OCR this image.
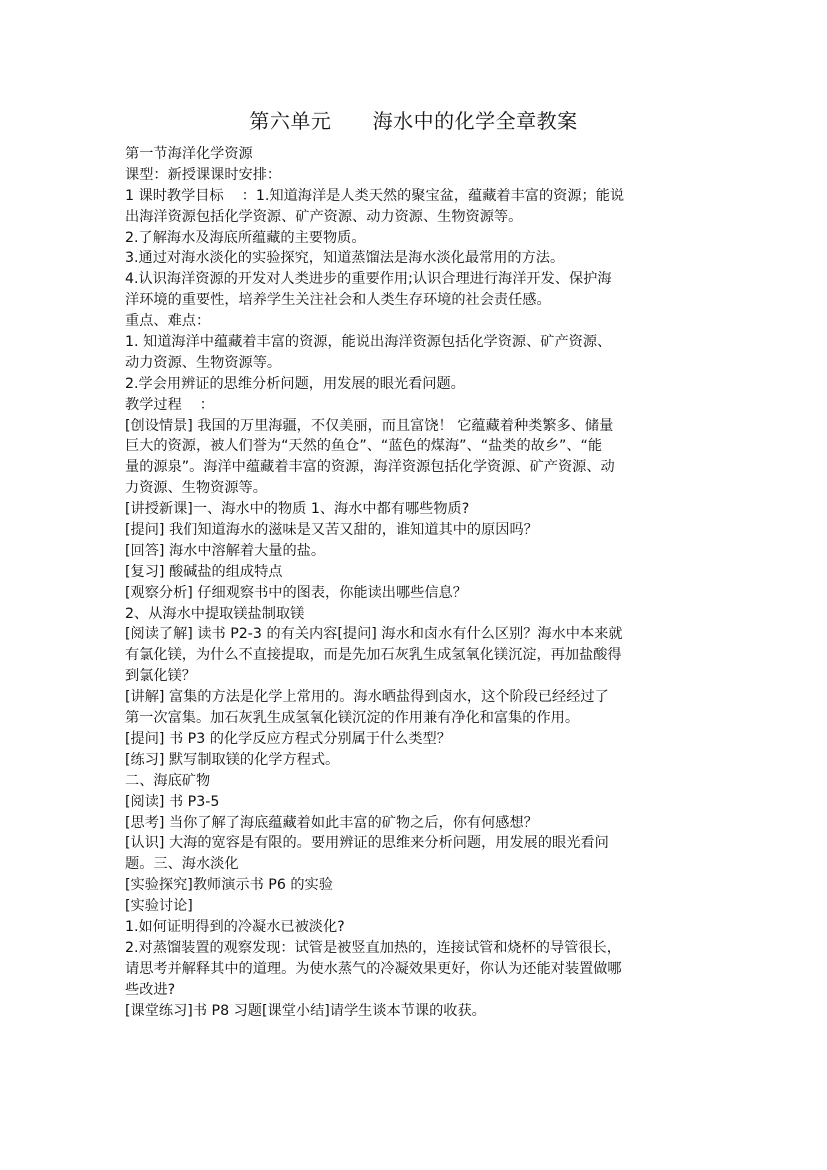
第六单元      海水中的化学全章教案
第一节海洋化学资源
课型：新授课课时安排：
1 课时教学目标    ：1.知道海洋是人类天然的聚宝盆，蕴藏着丰富的资源；能说
出海洋资源包括化学资源、矿产资源、动力资源、生物资源等。
2.了解海水及海底所蕴藏的主要物质。
3.通过对海水淡化的实验探究，知道蒸馏法是海水淡化最常用的方法。
4.认识海洋资源的开发对人类进步的重要作用;认识合理进行海洋开发、保护海
洋环境的重要性，培养学生关注社会和人类生存环境的社会责任感。
重点、难点：
1. 知道海洋中蕴藏着丰富的资源，能说出海洋资源包括化学资源、矿产资源、
动力资源、生物资源等。
2.学会用辨证的思维分析问题，用发展的眼光看问题。
教学过程    ：
[创设情景] 我国的万里海疆，不仅美丽，而且富饶！ 它蕴藏着种类繁多、储量
巨大的资源，被人们誉为“天然的鱼仓”、“蓝色的煤海”、“盐类的故乡”、“能
量的源泉”。海洋中蕴藏着丰富的资源，海洋资源包括化学资源、矿产资源、动
力资源、生物资源等。
[讲授新课]一、海水中的物质 1、海水中都有哪些物质?
[提问] 我们知道海水的滋味是又苦又甜的，谁知道其中的原因吗？
[回答] 海水中溶解着大量的盐。
[复习] 酸碱盐的组成特点
[观察分析] 仔细观察书中的图表，你能读出哪些信息？
2、从海水中提取镁盐制取镁
[阅读了解] 读书 P2-3 的有关内容[提问] 海水和卤水有什么区别？海水中本来就
有氯化镁，为什么不直接提取，而是先加石灰乳生成氢氧化镁沉淀，再加盐酸得
到氯化镁？
[讲解] 富集的方法是化学上常用的。海水晒盐得到卤水，这个阶段已经经过了
第一次富集。加石灰乳生成氢氧化镁沉淀的作用兼有净化和富集的作用。
[提问] 书 P3 的化学反应方程式分别属于什么类型？
[练习] 默写制取镁的化学方程式。
二、海底矿物
[阅读] 书 P3-5
[思考] 当你了解了海底蕴藏着如此丰富的矿物之后，你有何感想？
[认识] 大海的宽容是有限的。要用辨证的思维来分析问题，用发展的眼光看问
题。三、海水淡化
[实验探究]教师演示书 P6 的实验
[实验讨论]
1.如何证明得到的冷凝水已被淡化?
2.对蒸馏装置的观察发现：试管是被竖直加热的，连接试管和烧杯的导管很长，
请思考并解释其中的道理。为使水蒸气的冷凝效果更好，你认为还能对装置做哪
些改进?
[课堂练习]书 P8 习题[课堂小结]请学生谈本节课的收获。
